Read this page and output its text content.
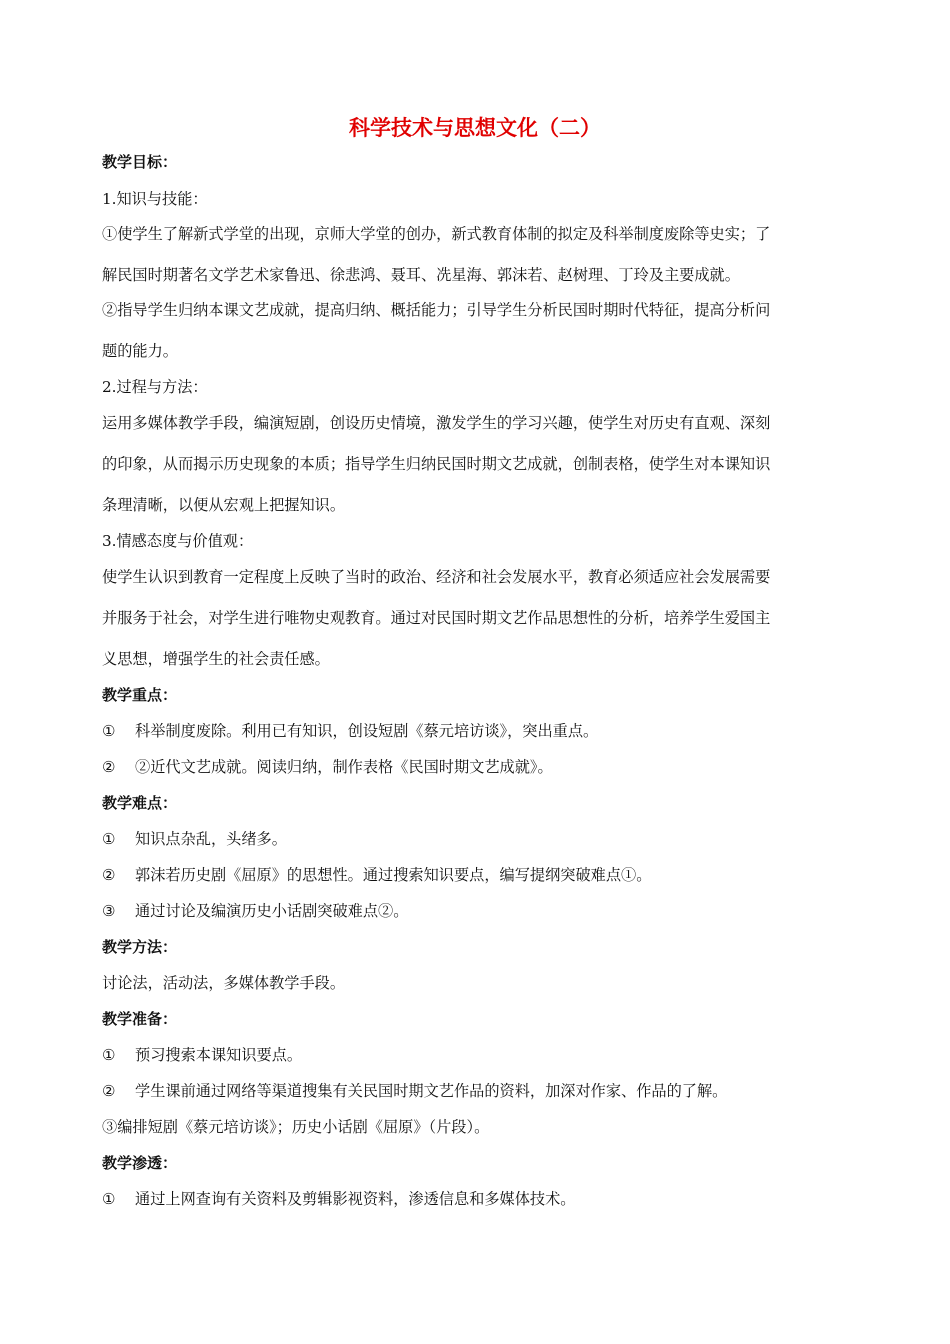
科学技术与思想文化（二）
教学目标：
1.知识与技能：
①使学生了解新式学堂的出现，京师大学堂的创办，新式教育体制的拟定及科举制度废除等史实；了
解民国时期著名文学艺术家鲁迅、徐悲鸿、聂耳、冼星海、郭沫若、赵树理、丁玲及主要成就。
②指导学生归纳本课文艺成就，提高归纳、概括能力；引导学生分析民国时期时代特征，提高分析问
题的能力。
2.过程与方法：
运用多媒体教学手段，编演短剧，创设历史情境，激发学生的学习兴趣，使学生对历史有直观、深刻
的印象，从而揭示历史现象的本质；指导学生归纳民国时期文艺成就，创制表格，使学生对本课知识
条理清晰，以便从宏观上把握知识。
3.情感态度与价值观：
使学生认识到教育一定程度上反映了当时的政治、经济和社会发展水平，教育必须适应社会发展需要
并服务于社会，对学生进行唯物史观教育。通过对民国时期文艺作品思想性的分析，培养学生爱国主
义思想，增强学生的社会责任感。
教学重点：
① 科举制度废除。利用已有知识，创设短剧《蔡元培访谈》，突出重点。
② ②近代文艺成就。阅读归纳，制作表格《民国时期文艺成就》。
教学难点：
① 知识点杂乱，头绪多。
② 郭沫若历史剧《屈原》的思想性。通过搜索知识要点，编写提纲突破难点①。
③ 通过讨论及编演历史小话剧突破难点②。
教学方法：
讨论法，活动法，多媒体教学手段。
教学准备：
① 预习搜索本课知识要点。
② 学生课前通过网络等渠道搜集有关民国时期文艺作品的资料，加深对作家、作品的了解。
③编排短剧《蔡元培访谈》；历史小话剧《屈原》（片段）。
教学渗透：
① 通过上网查询有关资料及剪辑影视资料，渗透信息和多媒体技术。
